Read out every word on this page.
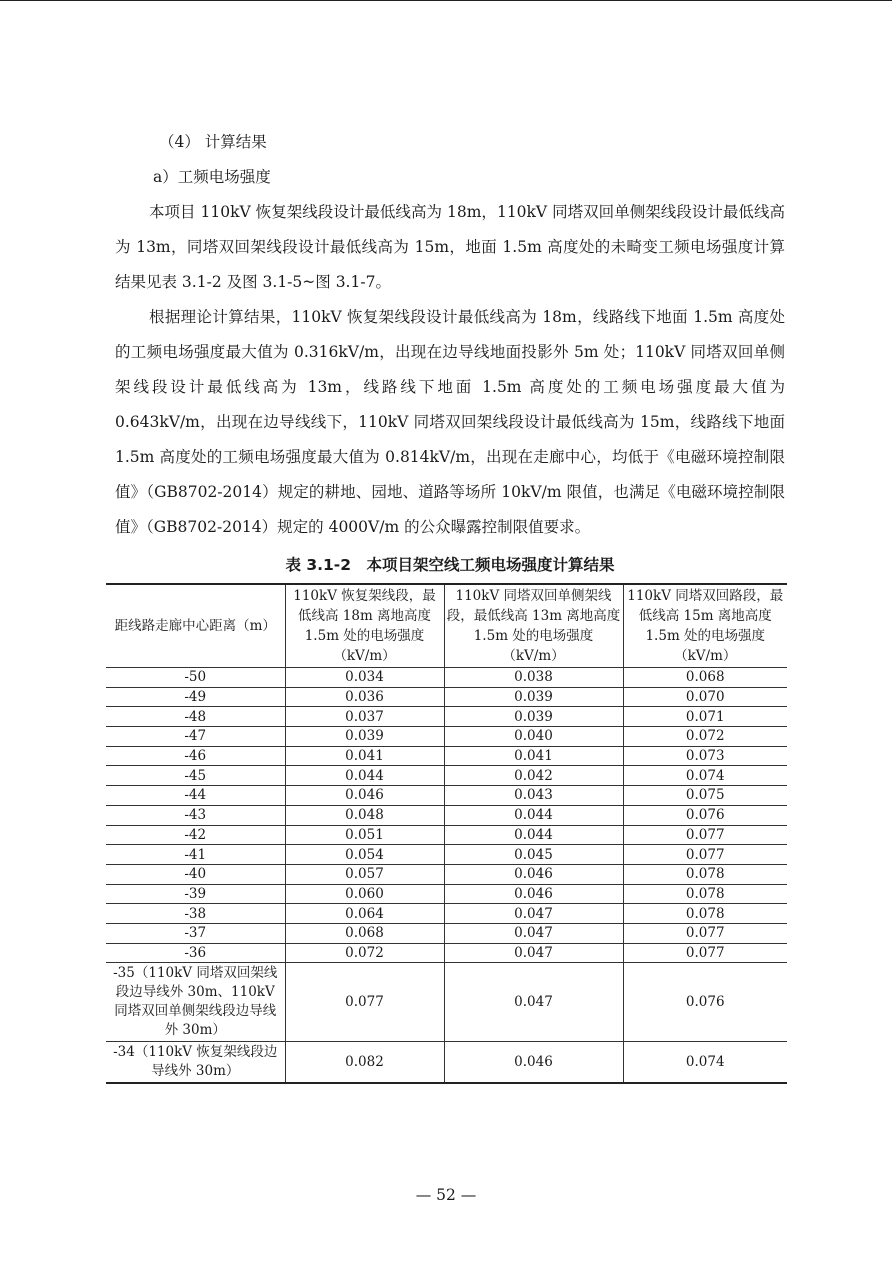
（4） 计算结果
a）工频电场强度

本项目 110kV 恢复架线段设计最低线高为 18m，110kV 同塔双回单侧架线段设计最低线高为 13m，同塔双回架线段设计最低线高为 15m，地面 1.5m 高度处的未畸变工频电场强度计算结果见表 3.1-2 及图 3.1-5~图 3.1-7。

根据理论计算结果，110kV 恢复架线段设计最低线高为 18m，线路线下地面 1.5m 高度处的工频电场强度最大值为 0.316kV/m，出现在边导线地面投影外 5m 处；110kV 同塔双回单侧架线段设计最低线高为 13m，线路线下地面 1.5m 高度处的工频电场强度最大值为 0.643kV/m，出现在边导线线下，110kV 同塔双回架线段设计最低线高为 15m，线路线下地面 1.5m 高度处的工频电场强度最大值为 0.814kV/m，出现在走廊中心，均低于《电磁环境控制限值》（GB8702-2014）规定的耕地、园地、道路等场所 10kV/m 限值，也满足《电磁环境控制限值》（GB8702-2014）规定的 4000V/m 的公众曝露控制限值要求。

表 3.1-2　本项目架空线工频电场强度计算结果
距线路走廊中心距离（m）	110kV 恢复架线段，最低线高 18m 离地高度 1.5m 处的电场强度（kV/m）	110kV 同塔双回单侧架线段，最低线高 13m 离地高度 1.5m 处的电场强度（kV/m）	110kV 同塔双回路段，最低线高 15m 离地高度 1.5m 处的电场强度（kV/m）
-50	0.034	0.038	0.068
-49	0.036	0.039	0.070
-48	0.037	0.039	0.071
-47	0.039	0.040	0.072
-46	0.041	0.041	0.073
-45	0.044	0.042	0.074
-44	0.046	0.043	0.075
-43	0.048	0.044	0.076
-42	0.051	0.044	0.077
-41	0.054	0.045	0.077
-40	0.057	0.046	0.078
-39	0.060	0.046	0.078
-38	0.064	0.047	0.078
-37	0.068	0.047	0.077
-36	0.072	0.047	0.077
-35（110kV 同塔双回架线段边导线外 30m、110kV 同塔双回单侧架线段边导线外 30m）	0.077	0.047	0.076
-34（110kV 恢复架线段边导线外 30m）	0.082	0.046	0.074
— 52 —
